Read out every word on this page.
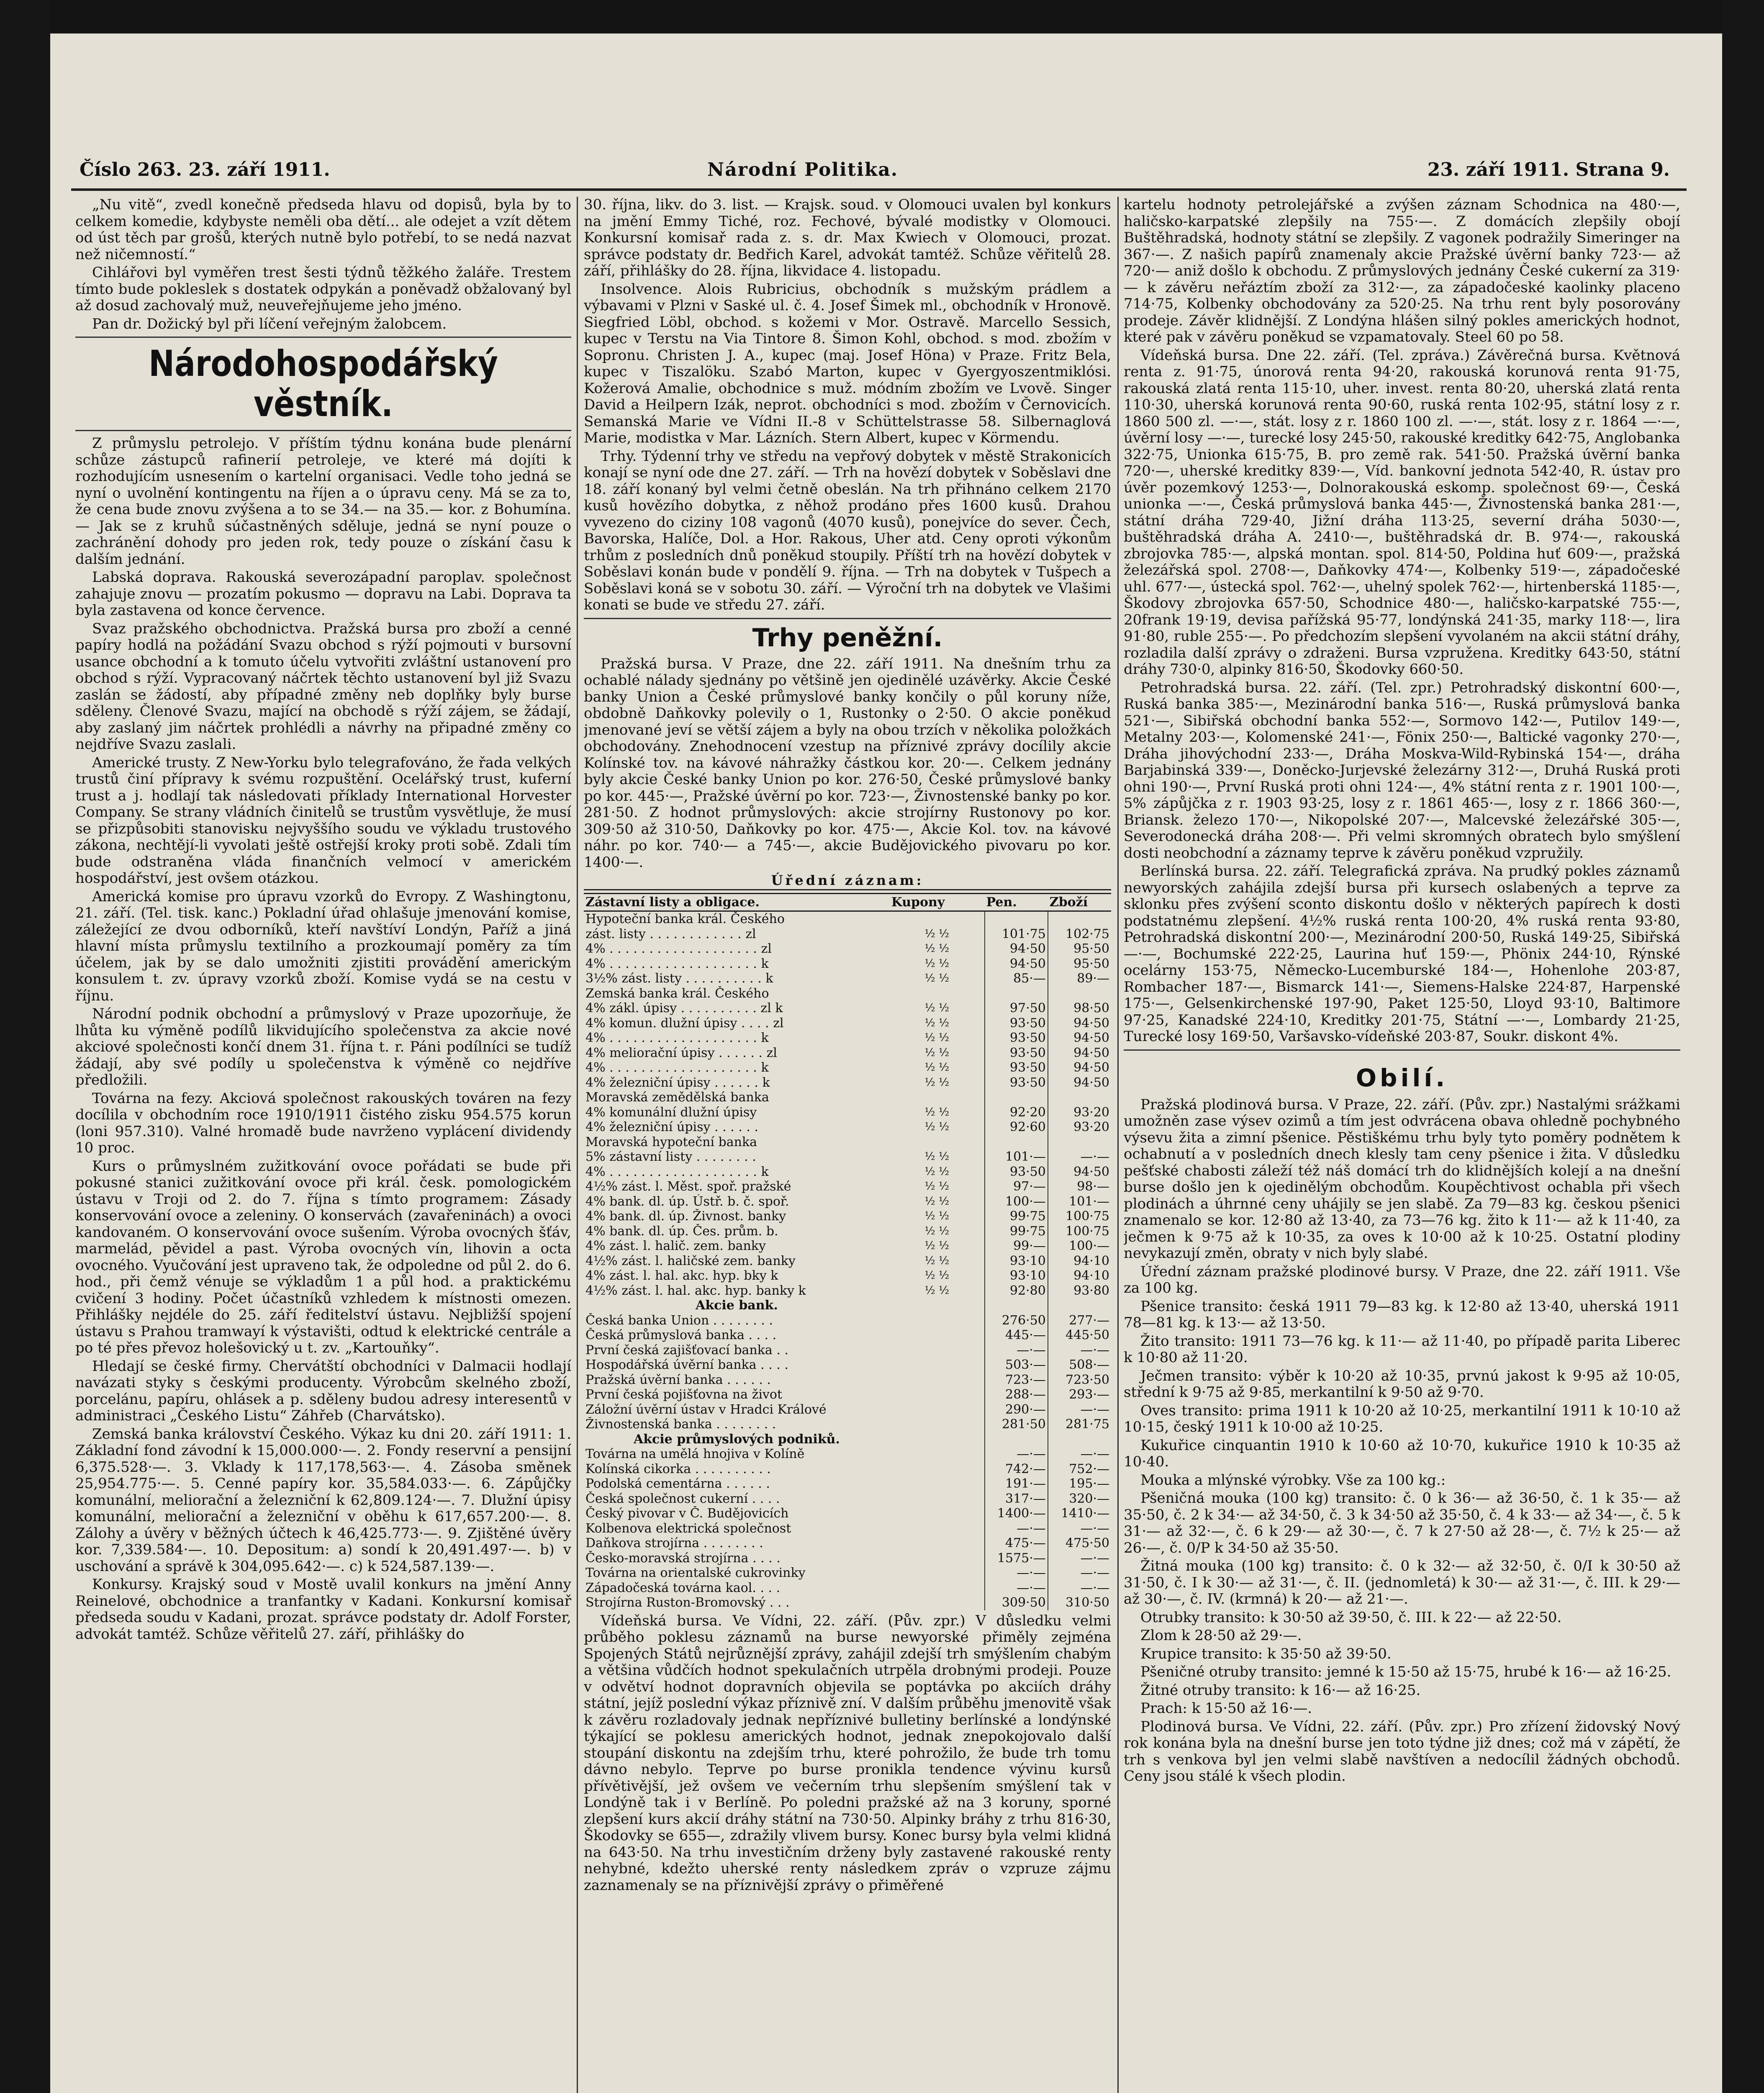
Číslo 263. 23. září 1911.	Národní Politika.	23. září 1911. Strana 9.

„Nu vitě“, zvedl konečně předseda hlavu od dopisů, byla by to celkem komedie, kdybyste neměli oba dětí... ale odejet a vzít dětem od úst těch par grošů, kterých nutně bylo potřebí, to se nedá nazvat než ničemností.“

Cihlářovi byl vyměřen trest šesti týdnů těžkého žaláře. Trestem tímto bude pokleslek s dostatek odpykán a poněvadž obžalovaný byl až dosud zachovalý muž, neuveřejňujeme jeho jméno.

Pan dr. Dožický byl při líčení veřejným žalobcem.

Národohospodářský věstník.

Z průmyslu petrolejo. V příštím týdnu konána bude plenární schůze zástupců rafinerií petroleje, ve které má dojíti k rozhodujícím usnesením o kartelní organisaci. Vedle toho jedná se nyní o uvolnění kontingentu na říjen a o úpravu ceny. Má se za to, že cena bude znovu zvýšena a to se 34.— na 35.— kor. z Bohumína. — Jak se z kruhů súčastněných sděluje, jedná se nyní pouze o zachránění dohody pro jeden rok, tedy pouze o získání času k dalším jednání.

Labská doprava. Rakouská severozápadní paroplav. společnost zahajuje znovu — prozatím pokusmo — dopravu na Labi. Doprava ta byla zastavena od konce července.

Svaz pražského obchodnictva. Pražská bursa pro zboží a cenné papíry hodlá na požádání Svazu obchod s rýží pojmouti v bursovní usance obchodní a k tomuto účelu vytvořiti zvláštní ustanovení pro obchod s rýží. Vypracovaný náčrtek těchto ustanovení byl již Svazu zaslán se žádostí, aby případné změny neb doplňky byly burse sděleny. Členové Svazu, mající na obchodě s rýží zájem, se žádají, aby zaslaný jim náčrtek prohlédli a návrhy na připadné změny co nejdříve Svazu zaslali.

Americké trusty. Z New-Yorku bylo telegrafováno, že řada velkých trustů činí přípravy k svému rozpuštění. Ocelářský trust, kuferní trust a j. hodlají tak následovati příklady International Horvester Company. Se strany vládních činitelů se trustům vysvětluje, že musí se přizpůsobiti stanovisku nejvyššího soudu ve výkladu trustového zákona, nechtějí-li vyvolati ještě ostřejší kroky proti sobě. Zdali tím bude odstraněna vláda finančních velmocí v americkém hospodářství, jest ovšem otázkou.

Americká komise pro úpravu vzorků do Evropy. Z Washingtonu, 21. září. (Tel. tisk. kanc.) Pokladní úřad ohlašuje jmenování komise, záležející ze dvou odborníků, kteří navštíví Londýn, Paříž a jiná hlavní místa průmyslu textilního a prozkoumají poměry za tím účelem, jak by se dalo umožniti zjistiti provádění americkým konsulem t. zv. úpravy vzorků zboží. Komise vydá se na cestu v říjnu.

Národní podnik obchodní a průmyslový v Praze upozorňuje, že lhůta ku výměně podílů likvidujícího společenstva za akcie nové akciové společnosti končí dnem 31. října t. r. Páni podílníci se tudíž žádají, aby své podíly u společenstva k výměně co nejdříve předložili.

Továrna na fezy. Akciová společnost rakouských továren na fezy docílila v obchodním roce 1910/1911 čistého zisku 954.575 korun (loni 957.310). Valné hromadě bude navrženo vyplácení dividendy 10 proc.

Kurs o průmyslném zužitkování ovoce pořádati se bude při pokusné stanici zužitkování ovoce při král. česk. pomologickém ústavu v Troji od 2. do 7. října s tímto programem: Zásady konservování ovoce a zeleniny. O konservách (zavařeninách) a ovoci kandovaném. O konservování ovoce sušením. Výroba ovocných šťáv, marmelád, pěvidel a past. Výroba ovocných vín, lihovin a octa ovocného. Vyučování jest upraveno tak, že odpoledne od půl 2. do 6. hod., při čemž vénuje se výkladům 1 a půl hod. a praktickému cvičení 3 hodiny. Počet účastníků vzhledem k místnosti omezen. Přihlášky nejdéle do 25. září ředitelství ústavu. Nejbližší spojení ústavu s Prahou tramwayí k výstavišti, odtud k elektrické centrále a po té přes převoz holešovický u t. zv. „Kartouňky“.

Hledají se české firmy. Chervátští obchodníci v Dalmacii hodlají navázati styky s českými producenty. Výrobcům skelného zboží, porcelánu, papíru, ohlásek a p. sděleny budou adresy interesentů v administraci „Českého Listu“ Záhřeb (Charvátsko).

Zemská banka království Českého. Výkaz ku dni 20. září 1911: 1. Základní fond závodní k 15,000.000·—. 2. Fondy reservní a pensijní 6,375.528·—. 3. Vklady k 117,178,563·—. 4. Zásoba směnek 25,954.775·—. 5. Cenné papíry kor. 35,584.033·—. 6. Zápůjčky komunální, meliorační a železniční k 62,809.124·—. 7. Dlužní úpisy komunální, meliorační a železniční v oběhu k 617,657.200·—. 8. Zálohy a úvěry v běžných účtech k 46,425.773·—. 9. Zjištěné úvěry kor. 7,339.584·—. 10. Depositum: a) sondí k 20,491.497·—. b) v uschování a správě k 304,095.642·—. c) k 524,587.139·—.

Konkursy. Krajský soud v Mostě uvalil konkurs na jmění Anny Reinelové, obchodnice a tranfantky v Kadani. Konkursní komisař předseda soudu v Kadani, prozat. správce podstaty dr. Adolf Forster, advokát tamtéž. Schůze věřitelů 27. září, přihlášky do

30. října, likv. do 3. list. — Krajsk. soud. v Olomouci uvalen byl konkurs na jmění Emmy Tiché, roz. Fechové, bývalé modistky v Olomouci. Konkursní komisař rada z. s. dr. Max Kwiech v Olomouci, prozat. správce podstaty dr. Bedřich Karel, advokát tamtéž. Schůze věřitelů 28. září, přihlášky do 28. října, likvidace 4. listopadu.

Insolvence. Alois Rubricius, obchodník s mužským prádlem a výbavami v Plzni v Saské ul. č. 4. Josef Šimek ml., obchodník v Hronově. Siegfried Löbl, obchod. s kožemi v Mor. Ostravě. Marcello Sessich, kupec v Terstu na Via Tintore 8. Šimon Kohl, obchod. s mod. zbožím v Sopronu. Christen J. A., kupec (maj. Josef Höna) v Praze. Fritz Bela, kupec v Tiszalöku. Szabó Marton, kupec v Gyergyoszentmiklósi. Kožerová Amalie, obchodnice s muž. módním zbožím ve Lvově. Singer David a Heilpern Izák, neprot. obchodníci s mod. zbožím v Černovicích. Semanská Marie ve Vídni II.-8 v Schüttelstrasse 58. Silbernaglová Marie, modistka v Mar. Lázních. Stern Albert, kupec v Körmendu.

Trhy. Týdenní trhy ve středu na vepřový dobytek v městě Strakonicích konají se nyní ode dne 27. září. — Trh na hovězí dobytek v Soběslavi dne 18. září konaný byl velmi četně obeslán. Na trh přihnáno celkem 2170 kusů hovězího dobytka, z něhož prodáno přes 1600 kusů. Drahou vyvezeno do ciziny 108 vagonů (4070 kusů), ponejvíce do sever. Čech, Bavorska, Halíče, Dol. a Hor. Rakous, Uher atd. Ceny oproti výkonům trhům z posledních dnů poněkud stoupily. Příští trh na hovězí dobytek v Soběslavi konán bude v pondělí 9. října. — Trh na dobytek v Tušpech a Soběslavi koná se v sobotu 30. září. — Výroční trh na dobytek ve Vlašimi konati se bude ve středu 27. září.

Trhy peněžní.

Pražská bursa. V Praze, dne 22. září 1911. Na dnešním trhu za ochablé nálady sjednány po většině jen ojedinělé uzávěrky. Akcie České banky Union a České průmyslové banky končily o půl koruny níže, obdobně Daňkovky polevily o 1, Rustonky o 2·50. O akcie poněkud jmenované jeví se větší zájem a byly na obou trzích v několika položkách obchodovány. Znehodnocení vzestup na příznivé zprávy docílily akcie Kolínské tov. na kávové náhražky částkou kor. 20·—. Celkem jednány byly akcie České banky Union po kor. 276·50, České průmyslové banky po kor. 445·—, Pražské úvěrní po kor. 723·—, Živnostenské banky po kor. 281·50. Z hodnot průmyslových: akcie strojírny Rustonovy po kor. 309·50 až 310·50, Daňkovky po kor. 475·—, Akcie Kol. tov. na kávové náhr. po kor. 740·— a 745·—, akcie Budějovického pivovaru po kor. 1400·—.

Úřední záznam:
Zástavní listy a obligace.	Kupony	Pen.	Zboží
Hypoteční banka král. Českého			
zást. listy . . . . . . . . . . . . zl	½ ½	101·75	102·75
4% . . . . . . . . . . . . . . . . . . . zl	½ ½	94·50	95·50
4% . . . . . . . . . . . . . . . . . . . k	½ ½	94·50	95·50
3½% zást. listy . . . . . . . . . . k	½ ½	85·—	89·—
Zemská banka král. Českého			
4% zákl. úpisy . . . . . . . . . . zl k	½ ½	97·50	98·50
4% komun. dlužní úpisy . . . . zl	½ ½	93·50	94·50
4% . . . . . . . . . . . . . . . . . . . k	½ ½	93·50	94·50
4% meliorační úpisy . . . . . . zl	½ ½	93·50	94·50
4% . . . . . . . . . . . . . . . . . . . k	½ ½	93·50	94·50
4% železniční úpisy . . . . . . k	½ ½	93·50	94·50
Moravská zemědělská banka			
4% komunální dlužní úpisy	½ ½	92·20	93·20
4% železniční úpisy . . . . . .	½ ½	92·60	93·20
Moravská hypoteční banka			
5% zástavní listy . . . . . . . .	½ ½	101·—	—·—
4% . . . . . . . . . . . . . . . . . . . k	½ ½	93·50	94·50
4½% zást. l. Měst. spoř. pražské	½ ½	97·—	98·—
4% bank. dl. úp. Ústř. b. č. spoř.	½ ½	100·—	101·—
4% bank. dl. úp. Živnost. banky	½ ½	99·75	100·75
4% bank. dl. úp. Čes. prům. b.	½ ½	99·75	100·75
4% zást. l. halič. zem. banky	½ ½	99·—	100·—
4½% zást. l. haličské zem. banky	½ ½	93·10	94·10
4% zást. l. hal. akc. hyp. bky k	½ ½	93·10	94·10
4½% zást. l. hal. akc. hyp. banky k	½ ½	92·80	93·80
Akcie bank.			
Česká banka Union . . . . . . . .		276·50	277·—
Česká průmyslová banka . . . .		445·—	445·50
První česká zajišťovací banka . .		—·—	—·—
Hospodářská úvěrní banka . . . .		503·—	508·—
Pražská úvěrní banka . . . . . .		723·—	723·50
První česká pojišťovna na život		288·—	293·—
Záložní úvěrní ústav v Hradci Králové		290·—	—·—
Živnostenská banka . . . . . . . .		281·50	281·75
Akcie průmyslových podniků.			
Továrna na umělá hnojiva v Kolíně		—·—	—·—
Kolínská cikorka . . . . . . . . . .		742·—	752·—
Podolská cementárna . . . . . .		191·—	195·—
Česká společnost cukerní . . . .		317·—	320·—
Český pivovar v Č. Budějovicích		1400·—	1410·—
Kolbenova elektrická společnost		—·—	—·—
Daňkova strojírna . . . . . . . .		475·—	475·50
Česko-moravská strojírna . . . .		1575·—	—·—
Továrna na orientalské cukrovinky		—·—	—·—
Západočeská továrna kaol. . . .		—·—	—·—
Strojírna Ruston-Bromovský . . .		309·50	310·50

Vídeňská bursa. Ve Vídni, 22. září. (Pův. zpr.) V důsledku velmi průběho poklesu záznamů na burse newyorské přiměly zejména Spojených Států nejrůznější zprávy, zahájil zdejší trh smýšlením chabým a většina vůdčích hodnot spekulačních utrpěla drobnými prodeji. Pouze v odvětví hodnot dopravních objevila se poptávka po akciích dráhy státní, jejíž poslední výkaz příznivě zní. V dalším průběhu jmenovitě však k závěru rozladovaly jednak nepříznivé bulletiny berlínské a londýnské týkající se poklesu amerických hodnot, jednak znepokojovalo další stoupání diskontu na zdejším trhu, které pohrožilo, že bude trh tomu dávno nebylo. Teprve po burse pronikla tendence vývinu kursů přívětivější, jež ovšem ve večerním trhu slepšením smýšlení tak v Londýně tak i v Berlíně. Po poledni pražské až na 3 koruny, sporné zlepšení kurs akcií dráhy státní na 730·50. Alpinky bráhy z trhu 816·30, Škodovky se 655—, zdražily vlivem bursy. Konec bursy byla velmi klidná na 643·50. Na trhu investičním drženy byly zastavené rakouské renty nehybné, kdežto uherské renty následkem zpráv o vzpruze zájmu zaznamenaly se na příznivější zprávy o přiměřené

kartelu hodnoty petrolejářské a zvýšen záznam Schodnica na 480·—, haličsko-karpatské zlepšily na 755·—. Z domácích zlepšily obojí Buštěhradská, hodnoty státní se zlepšily. Z vagonek podražily Simeringer na 367·—. Z našich papírů znamenaly akcie Pražské úvěrní banky 723·— až 720·— aniž došlo k obchodu. Z průmyslových jednány České cukerní za 319·— k závěru neřáztím zboží za 312·—, za západočeské kaolinky placeno 714·75, Kolbenky obchodovány za 520·25. Na trhu rent byly posorovány prodeje. Závěr klidnější. Z Londýna hlášen silný pokles amerických hodnot, které pak v závěru poněkud se vzpamatovaly. Steel 60 po 58.

Vídeňská bursa. Dne 22. září. (Tel. zpráva.) Závěrečná bursa. Květnová renta z. 91·75, únorová renta 94·20, rakouská korunová renta 91·75, rakouská zlatá renta 115·10, uher. invest. renta 80·20, uherská zlatá renta 110·30, uherská korunová renta 90·60, ruská renta 102·95, státní losy z r. 1860 500 zl. —·—, stát. losy z r. 1860 100 zl. —·—, stát. losy z r. 1864 —·—, úvěrní losy —·—, turecké losy 245·50, rakouské kreditky 642·75, Anglobanka 322·75, Unionka 615·75, B. pro země rak. 541·50. Pražská úvěrní banka 720·—, uherské kreditky 839·—, Víd. bankovní jednota 542·40, R. ústav pro úvěr pozemkový 1253·—, Dolnorakouská eskomp. společnost 69·—, Česká unionka —·—, Česká průmyslová banka 445·—, Živnostenská banka 281·—, státní dráha 729·40, Jižní dráha 113·25, severní dráha 5030·—, buštěhradská dráha A. 2410·—, buštěhradská dr. B. 974·—, rakouská zbrojovka 785·—, alpská montan. spol. 814·50, Poldina huť 609·—, pražská železářská spol. 2708·—, Daňkovky 474·—, Kolbenky 519·—, západočeské uhl. 677·—, ústecká spol. 762·—, uhelný spolek 762·—, hirtenberská 1185·—, Škodovy zbrojovka 657·50, Schodnice 480·—, haličsko-karpatské 755·—, 20frank 19·19, devisa pařížská 95·77, londýnská 241·35, marky 118·—, lira 91·80, ruble 255·—. Po předchozím slepšení vyvolaném na akcii státní dráhy, rozladila další zprávy o zdraženi. Bursa vzpružena. Kreditky 643·50, státní dráhy 730·0, alpinky 816·50, Škodovky 660·50.

Petrohradská bursa. 22. září. (Tel. zpr.) Petrohradský diskontní 600·—, Ruská banka 385·—, Mezinárodní banka 516·—, Ruská průmyslová banka 521·—, Sibiřská obchodní banka 552·—, Sormovo 142·—, Putilov 149·—, Metalny 203·—, Kolomenské 241·—, Fönix 250·—, Baltické vagonky 270·—, Dráha jihovýchodní 233·—, Dráha Moskva-Wild-Rybinská 154·—, dráha Barjabinská 339·—, Doněcko-Jurjevské železárny 312·—, Druhá Ruská proti ohni 190·—, První Ruská proti ohni 124·—, 4% státní renta z r. 1901 100·—, 5% zápůjčka z r. 1903 93·25, losy z r. 1861 465·—, losy z r. 1866 360·—, Briansk. železo 170·—, Nikopolské 207·—, Malcevské železářské 305·—, Severodonecká dráha 208·—. Při velmi skromných obratech bylo smýšlení dosti neobchodní a záznamy teprve k závěru poněkud vzpružily.

Berlínská bursa. 22. září. Telegrafická zpráva. Na prudký pokles záznamů newyorských zahájila zdejší bursa při kursech oslabených a teprve za sklonku přes zvýšení sconto diskontu došlo v některých papírech k dosti podstatnému zlepšení. 4½% ruská renta 100·20, 4% ruská renta 93·80, Petrohradská diskontní 200·—, Mezinárodní 200·50, Ruská 149·25, Sibiřská —·—, Bochumské 222·25, Laurina huť 159·—, Phönix 244·10, Rýnské ocelárny 153·75, Německo-Lucemburské 184·—, Hohenlohe 203·87, Rombacher 187·—, Bismarck 141·—, Siemens-Halske 224·87, Harpenské 175·—, Gelsenkirchenské 197·90, Paket 125·50, Lloyd 93·10, Baltimore 97·25, Kanadské 224·10, Kreditky 201·75, Státní —·—, Lombardy 21·25, Turecké losy 169·50, Varšavsko-vídeňské 203·87, Soukr. diskont 4%.

Obilí.

Pražská plodinová bursa. V Praze, 22. září. (Pův. zpr.) Nastalými srážkami umožněn zase výsev ozimů a tím jest odvrácena obava ohledně pochybného výsevu žita a zimní pšenice. Pěstiškému trhu byly tyto poměry podnětem k ochabnutí a v posledních dnech klesly tam ceny pšenice i žita. V důsledku pešťské chabosti záleží též náš domácí trh do klidnějších kolejí a na dnešní burse došlo jen k ojedinělým obchodům. Koupěchtivost ochabla při všech plodinách a úhrnné ceny uhájily se jen slabě. Za 79—83 kg. českou pšenici znamenalo se kor. 12·80 až 13·40, za 73—76 kg. žito k 11·— až k 11·40, za ječmen k 9·75 až k 10·35, za oves k 10·00 až k 10·25. Ostatní plodiny nevykazují změn, obraty v nich byly slabé.

Úřední záznam pražské plodinové bursy. V Praze, dne 22. září 1911. Vše za 100 kg.

Pšenice transito: česká 1911 79—83 kg. k 12·80 až 13·40, uherská 1911 78—81 kg. k 13·— až 13·50.

Žito transito: 1911 73—76 kg. k 11·— až 11·40, po případě parita Liberec k 10·80 až 11·20.

Ječmen transito: výběr k 10·20 až 10·35, prvnú jakost k 9·95 až 10·05, střední k 9·75 až 9·85, merkantilní k 9·50 až 9·70.

Oves transito: prima 1911 k 10·20 až 10·25, merkantilní 1911 k 10·10 až 10·15, český 1911 k 10·00 až 10·25.

Kukuřice cinquantin 1910 k 10·60 až 10·70, kukuřice 1910 k 10·35 až 10·40.

Mouka a mlýnské výrobky. Vše za 100 kg.:

Pšeničná mouka (100 kg) transito: č. 0 k 36·— až 36·50, č. 1 k 35·— až 35·50, č. 2 k 34·— až 34·50, č. 3 k 34·50 až 35·50, č. 4 k 33·— až 34·—, č. 5 k 31·— až 32·—, č. 6 k 29·— až 30·—, č. 7 k 27·50 až 28·—, č. 7½ k 25·— až 26·—, č. 0/P k 34·50 až 35·50.

Žitná mouka (100 kg) transito: č. 0 k 32·— až 32·50, č. 0/I k 30·50 až 31·50, č. I k 30·— až 31·—, č. II. (jednomletá) k 30·— až 31·—, č. III. k 29·— až 30·—, č. IV. (krmná) k 20·— až 21·—.

Otrubky transito: k 30·50 až 39·50, č. III. k 22·— až 22·50.

Zlom k 28·50 až 29·—.

Krupice transito: k 35·50 až 39·50.

Pšeničné otruby transito: jemné k 15·50 až 15·75, hrubé k 16·— až 16·25.

Žitné otruby transito: k 16·— až 16·25.

Prach: k 15·50 až 16·—.

Plodinová bursa. Ve Vídni, 22. září. (Pův. zpr.) Pro zřízení židovský Nový rok konána byla na dnešní burse jen toto týdne již dnes; což má v zápětí, že trh s venkova byl jen velmi slabě navštíven a nedocílil žádných obchodů. Ceny jsou stálé k všech plodin.
